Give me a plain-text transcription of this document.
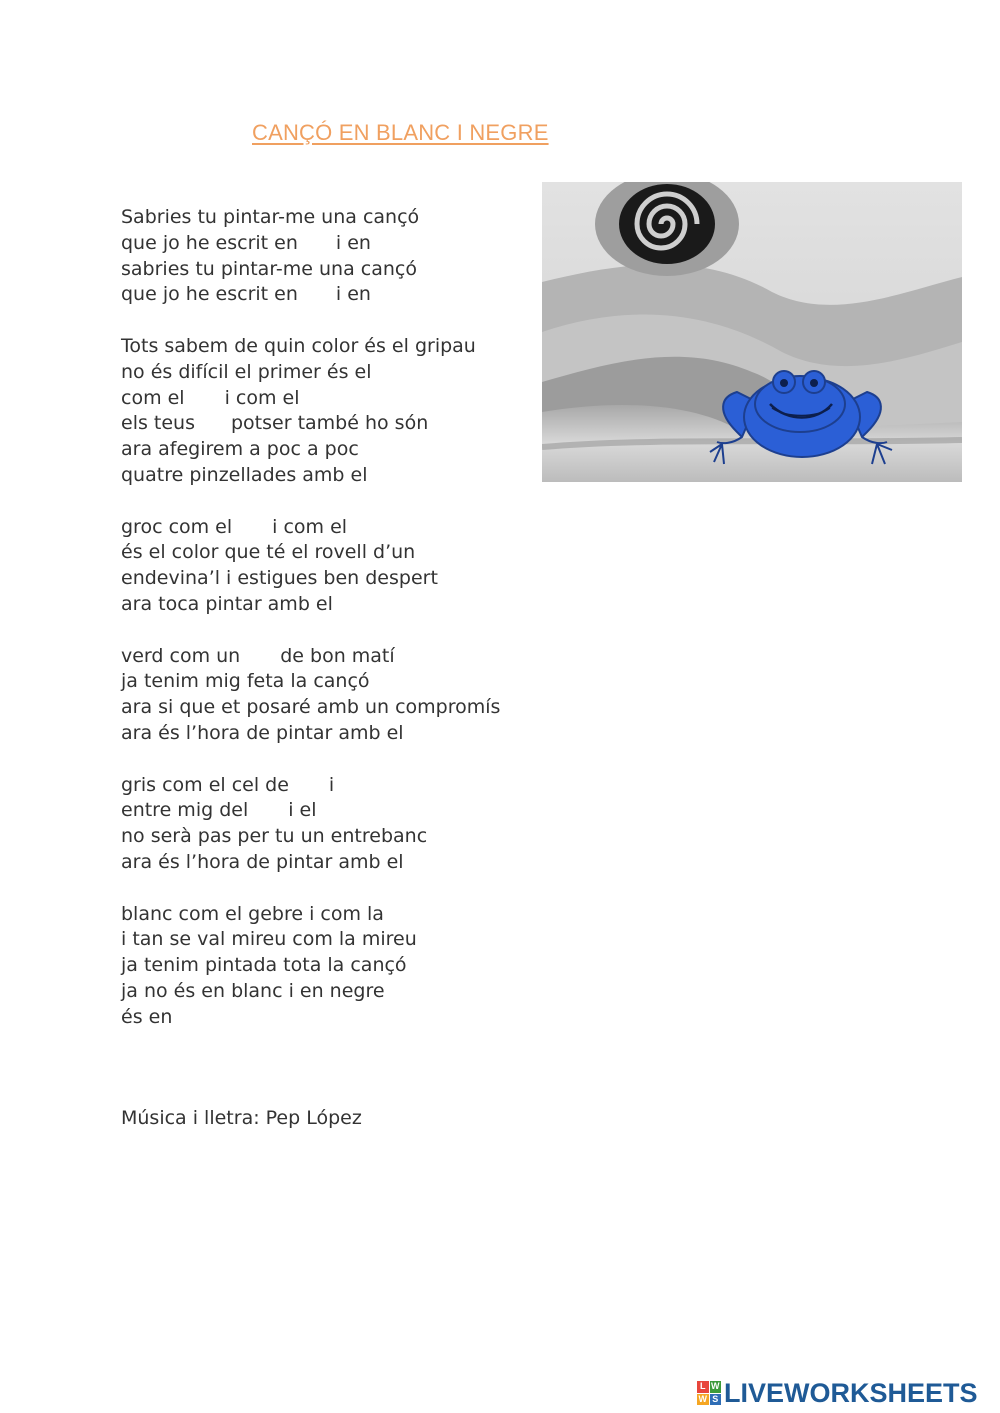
CANÇÓ EN BLANC I NEGRE
Sabries tu pintar-me una cançó
que jo he escrit en i en
sabries tu pintar-me una cançó
que jo he escrit en i en
Tots sabem de quin color és el gripau
no és difícil el primer és el
com el i com el
els teus potser també ho són
ara afegirem a poc a poc
quatre pinzellades amb el
groc com el i com el
és el color que té el rovell d’un
endevina’l i estigues ben despert
ara toca pintar amb el
verd com un de bon matí
ja tenim mig feta la cançó
ara si que et posaré amb un compromís
ara és l’hora de pintar amb el
gris com el cel de i
entre mig del i el
no serà pas per tu un entrebanc
ara és l’hora de pintar amb el
blanc com el gebre i com la
i tan se val mireu com la mireu
ja tenim pintada tota la cançó
ja no és en blanc i en negre
és en
Música i lletra: Pep López
L W
W S LIVEWORKSHEETS
